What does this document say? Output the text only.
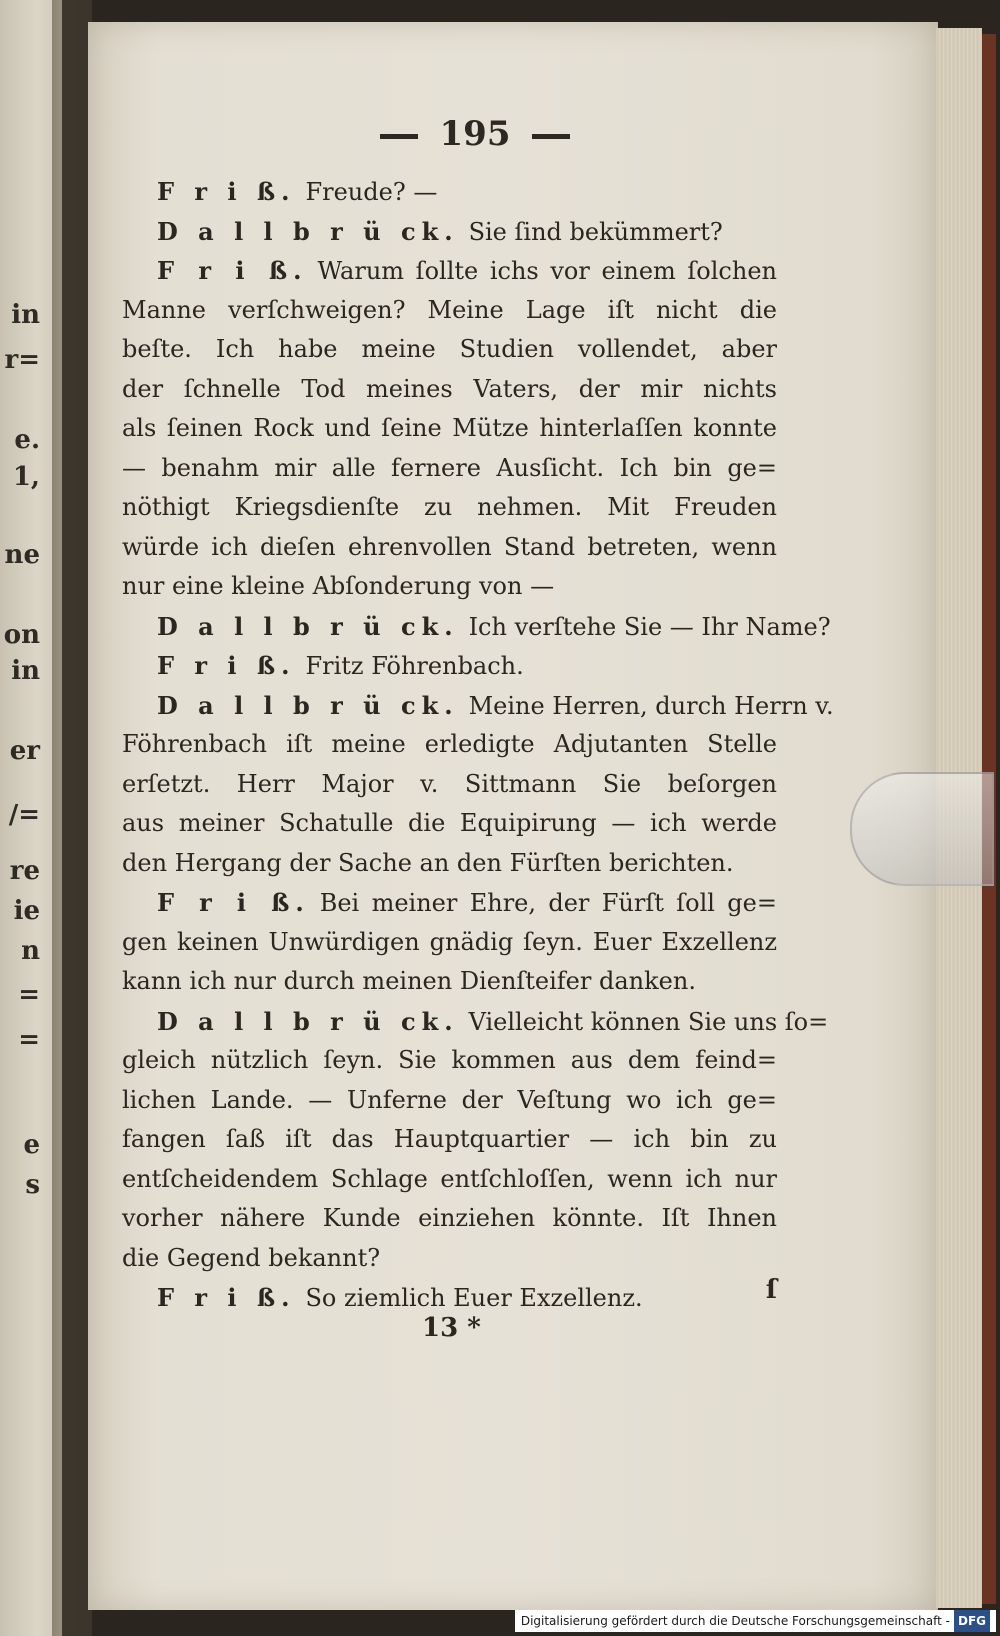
in
r=
e.
1,
ne
on
in
er
/=
re
ie
n
=
=
e
s
195
F r i ß. Freude? —
D a l l b r ü ck. Sie ſind bekümmert?
F r i ß. Warum ſollte ichs vor einem ſolchen
Manne verſchweigen? Meine Lage iſt nicht die
beſte. Ich habe meine Studien vollendet, aber
der ſchnelle Tod meines Vaters, der mir nichts
als ſeinen Rock und ſeine Mütze hinterlaſſen konnte
— benahm mir alle fernere Ausſicht. Ich bin ge=
nöthigt Kriegsdienſte zu nehmen. Mit Freuden
würde ich dieſen ehrenvollen Stand betreten, wenn
nur eine kleine Abſonderung von —
D a l l b r ü ck. Ich verſtehe Sie — Ihr Name?
F r i ß. Fritz Föhrenbach.
D a l l b r ü ck. Meine Herren, durch Herrn v.
Föhrenbach iſt meine erledigte Adjutanten Stelle
erſetzt. Herr Major v. Sittmann Sie beſorgen
aus meiner Schatulle die Equipirung — ich werde
den Hergang der Sache an den Fürſten berichten.
F r i ß. Bei meiner Ehre, der Fürſt ſoll ge=
gen keinen Unwürdigen gnädig ſeyn. Euer Exzellenz
kann ich nur durch meinen Dienſteifer danken.
D a l l b r ü ck. Vielleicht können Sie uns ſo=
gleich nützlich ſeyn. Sie kommen aus dem feind=
lichen Lande. — Unferne der Veſtung wo ich ge=
fangen ſaß iſt das Hauptquartier — ich bin zu
entſcheidendem Schlage entſchloſſen, wenn ich nur
vorher nähere Kunde einziehen könnte. Iſt Ihnen
die Gegend bekannt?
F r i ß. So ziemlich Euer Exzellenz.
13 *
ſ
Digitalisierung gefördert durch die Deutsche Forschungsgemeinschaft - DFG
